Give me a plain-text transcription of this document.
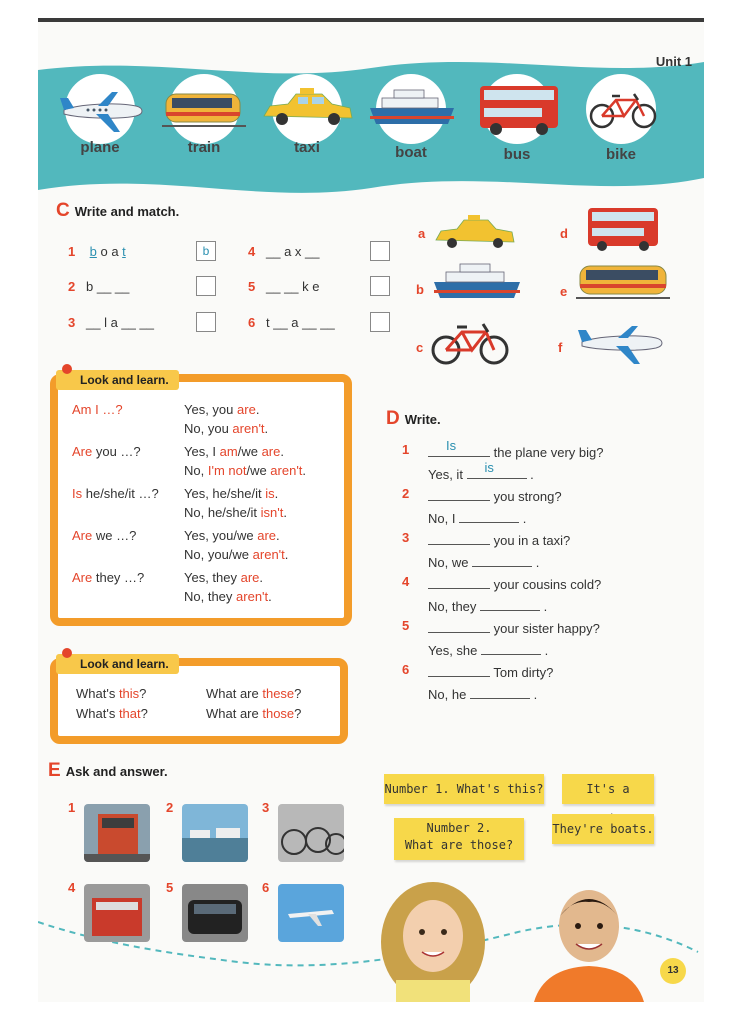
Unit 1
plane	train	taxi	boat	bus	bike
C Write and match.
1 b o a t	b
2 b __ __
3 __ l a __ __
4 __ a x __
5 __ __ k e
6 t __ a __ __
a
b
c
d
e
f
Look and learn.
Am I …?	Yes, you are.
No, you aren't.
Are you …?	Yes, I am/we are.
No, I'm not/we aren't.
Is he/she/it …? Yes, he/she/it is.
No, he/she/it isn't.
Are we …?	Yes, you/we are.
No, you/we aren't.
Are they …?	Yes, they are.
No, they aren't.
Look and learn.
What's this?
What's that?
What are these?
What are those?
D Write.
1	Is	the plane very big?
Yes, it is	.
2	you strong?
No, I	.
3	you in a taxi?
No, we	.
4	your cousins cold?
No, they	.
5	your sister happy?
Yes, she	.
6	Tom dirty?
No, he	.
E Ask and answer.
1	2	3
4	5	6
Number 1. What's this?	It's a
Number 2.
What are those?
They're boats.
13
